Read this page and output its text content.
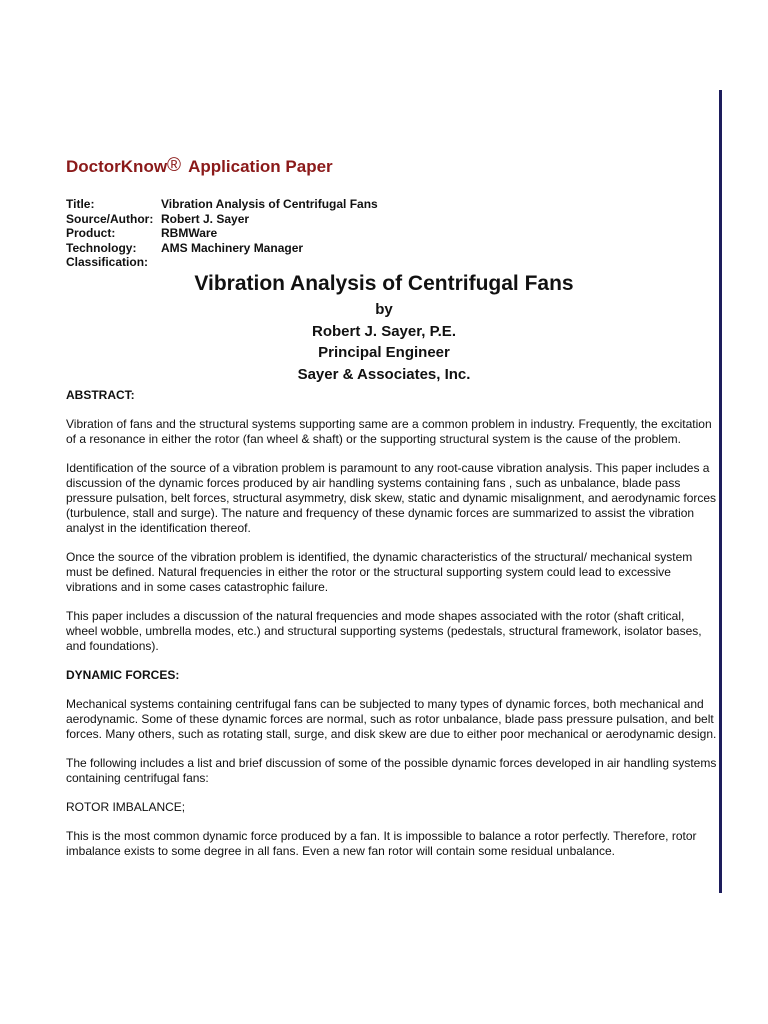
DoctorKnow® Application Paper
Title:	Vibration Analysis of Centrifugal Fans
Source/Author: Robert J. Sayer
Product:	RBMWare
Technology:	AMS Machinery Manager
Classification:
Vibration Analysis of Centrifugal Fans
by
Robert J. Sayer, P.E.
Principal Engineer
Sayer & Associates, Inc.

ABSTRACT:

Vibration of fans and the structural systems supporting same are a common problem in industry. Frequently, the excitation of a resonance in either the rotor (fan wheel & shaft) or the supporting structural system is the cause of the problem.

Identification of the source of a vibration problem is paramount to any root-cause vibration analysis. This paper includes a discussion of the dynamic forces produced by air handling systems containing fans , such as unbalance, blade pass pressure pulsation, belt forces, structural asymmetry, disk skew, static and dynamic misalignment, and aerodynamic forces (turbulence, stall and surge). The nature and frequency of these dynamic forces are summarized to assist the vibration analyst in the identification thereof.

Once the source of the vibration problem is identified, the dynamic characteristics of the structural/ mechanical system must be defined. Natural frequencies in either the rotor or the structural supporting system could lead to excessive vibrations and in some cases catastrophic failure.

This paper includes a discussion of the natural frequencies and mode shapes associated with the rotor (shaft critical, wheel wobble, umbrella modes, etc.) and structural supporting systems (pedestals, structural framework, isolator bases, and foundations).

DYNAMIC FORCES:

Mechanical systems containing centrifugal fans can be subjected to many types of dynamic forces, both mechanical and aerodynamic. Some of these dynamic forces are normal, such as rotor unbalance, blade pass pressure pulsation, and belt forces. Many others, such as rotating stall, surge, and disk skew are due to either poor mechanical or aerodynamic design.

The following includes a list and brief discussion of some of the possible dynamic forces developed in air handling systems containing centrifugal fans:

ROTOR IMBALANCE;

This is the most common dynamic force produced by a fan. It is impossible to balance a rotor perfectly. Therefore, rotor imbalance exists to some degree in all fans. Even a new fan rotor will contain some residual unbalance.
